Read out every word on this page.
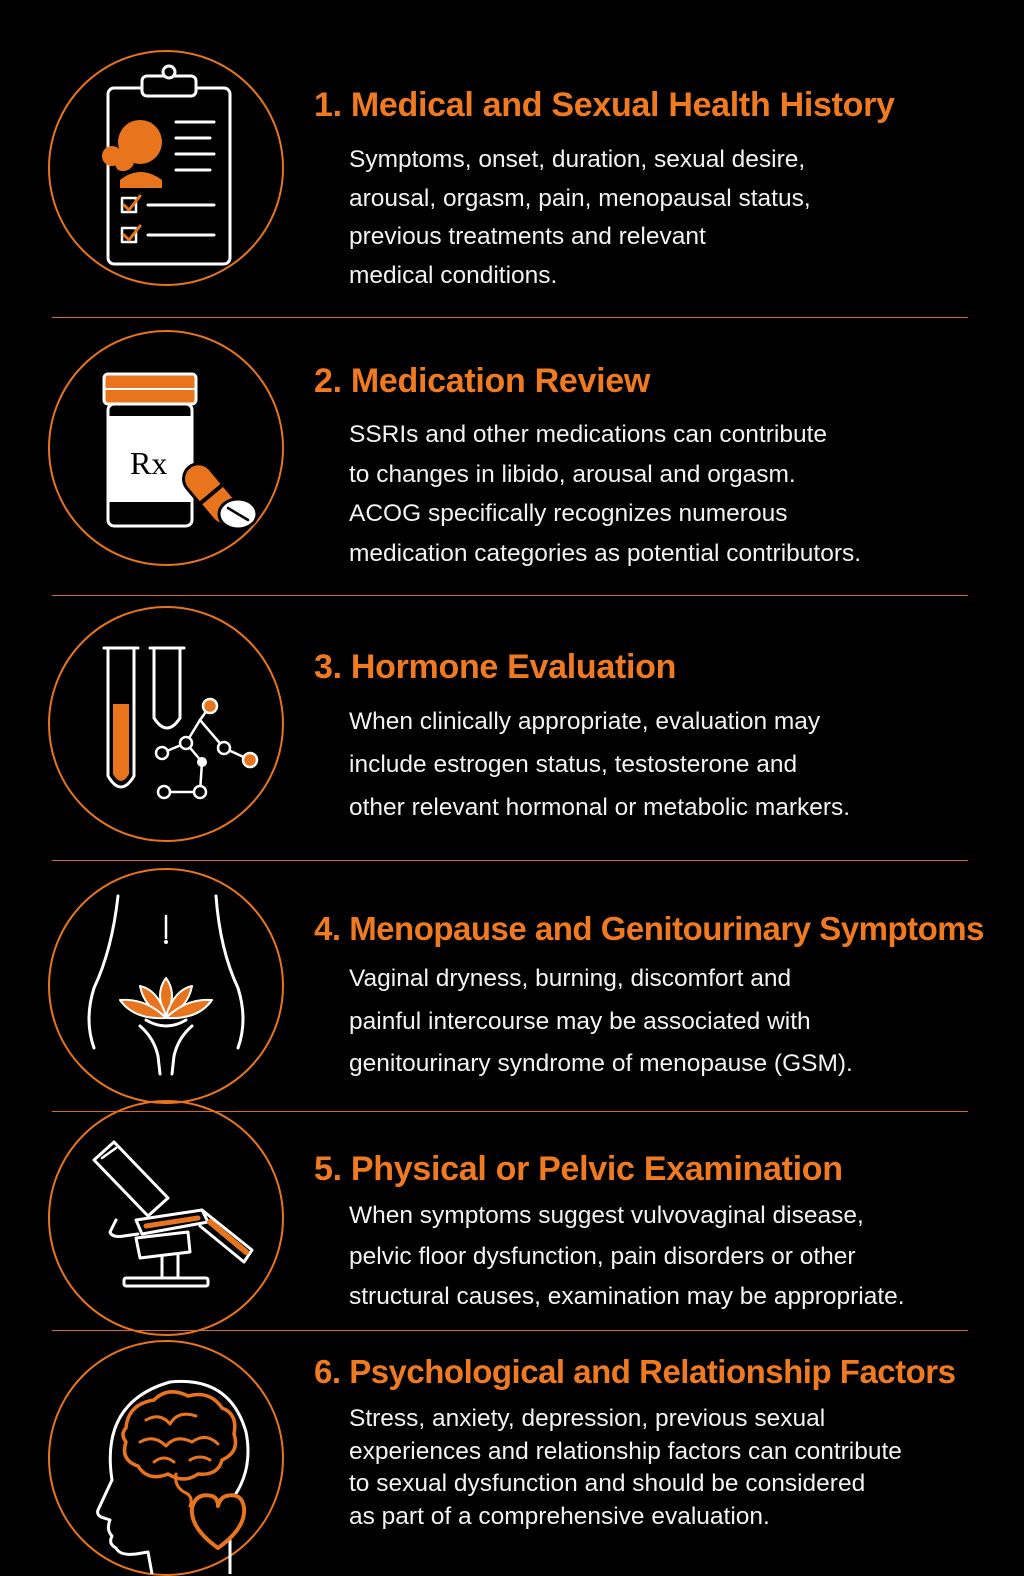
1. Medical and Sexual Health History

Symptoms, onset, duration, sexual desire,
arousal, orgasm, pain, menopausal status,
previous treatments and relevant
medical conditions.

Rx
2. Medication Review

SSRIs and other medications can contribute
to changes in libido, arousal and orgasm.
ACOG specifically recognizes numerous
medication categories as potential contributors.

3. Hormone Evaluation

When clinically appropriate, evaluation may
include estrogen status, testosterone and
other relevant hormonal or metabolic markers.

4. Menopause and Genitourinary Symptoms

Vaginal dryness, burning, discomfort and
painful intercourse may be associated with
genitourinary syndrome of menopause (GSM).

5. Physical or Pelvic Examination

When symptoms suggest vulvovaginal disease,
pelvic floor dysfunction, pain disorders or other
structural causes, examination may be appropriate.

6. Psychological and Relationship Factors

Stress, anxiety, depression, previous sexual
experiences and relationship factors can contribute
to sexual dysfunction and should be considered
as part of a comprehensive evaluation.
